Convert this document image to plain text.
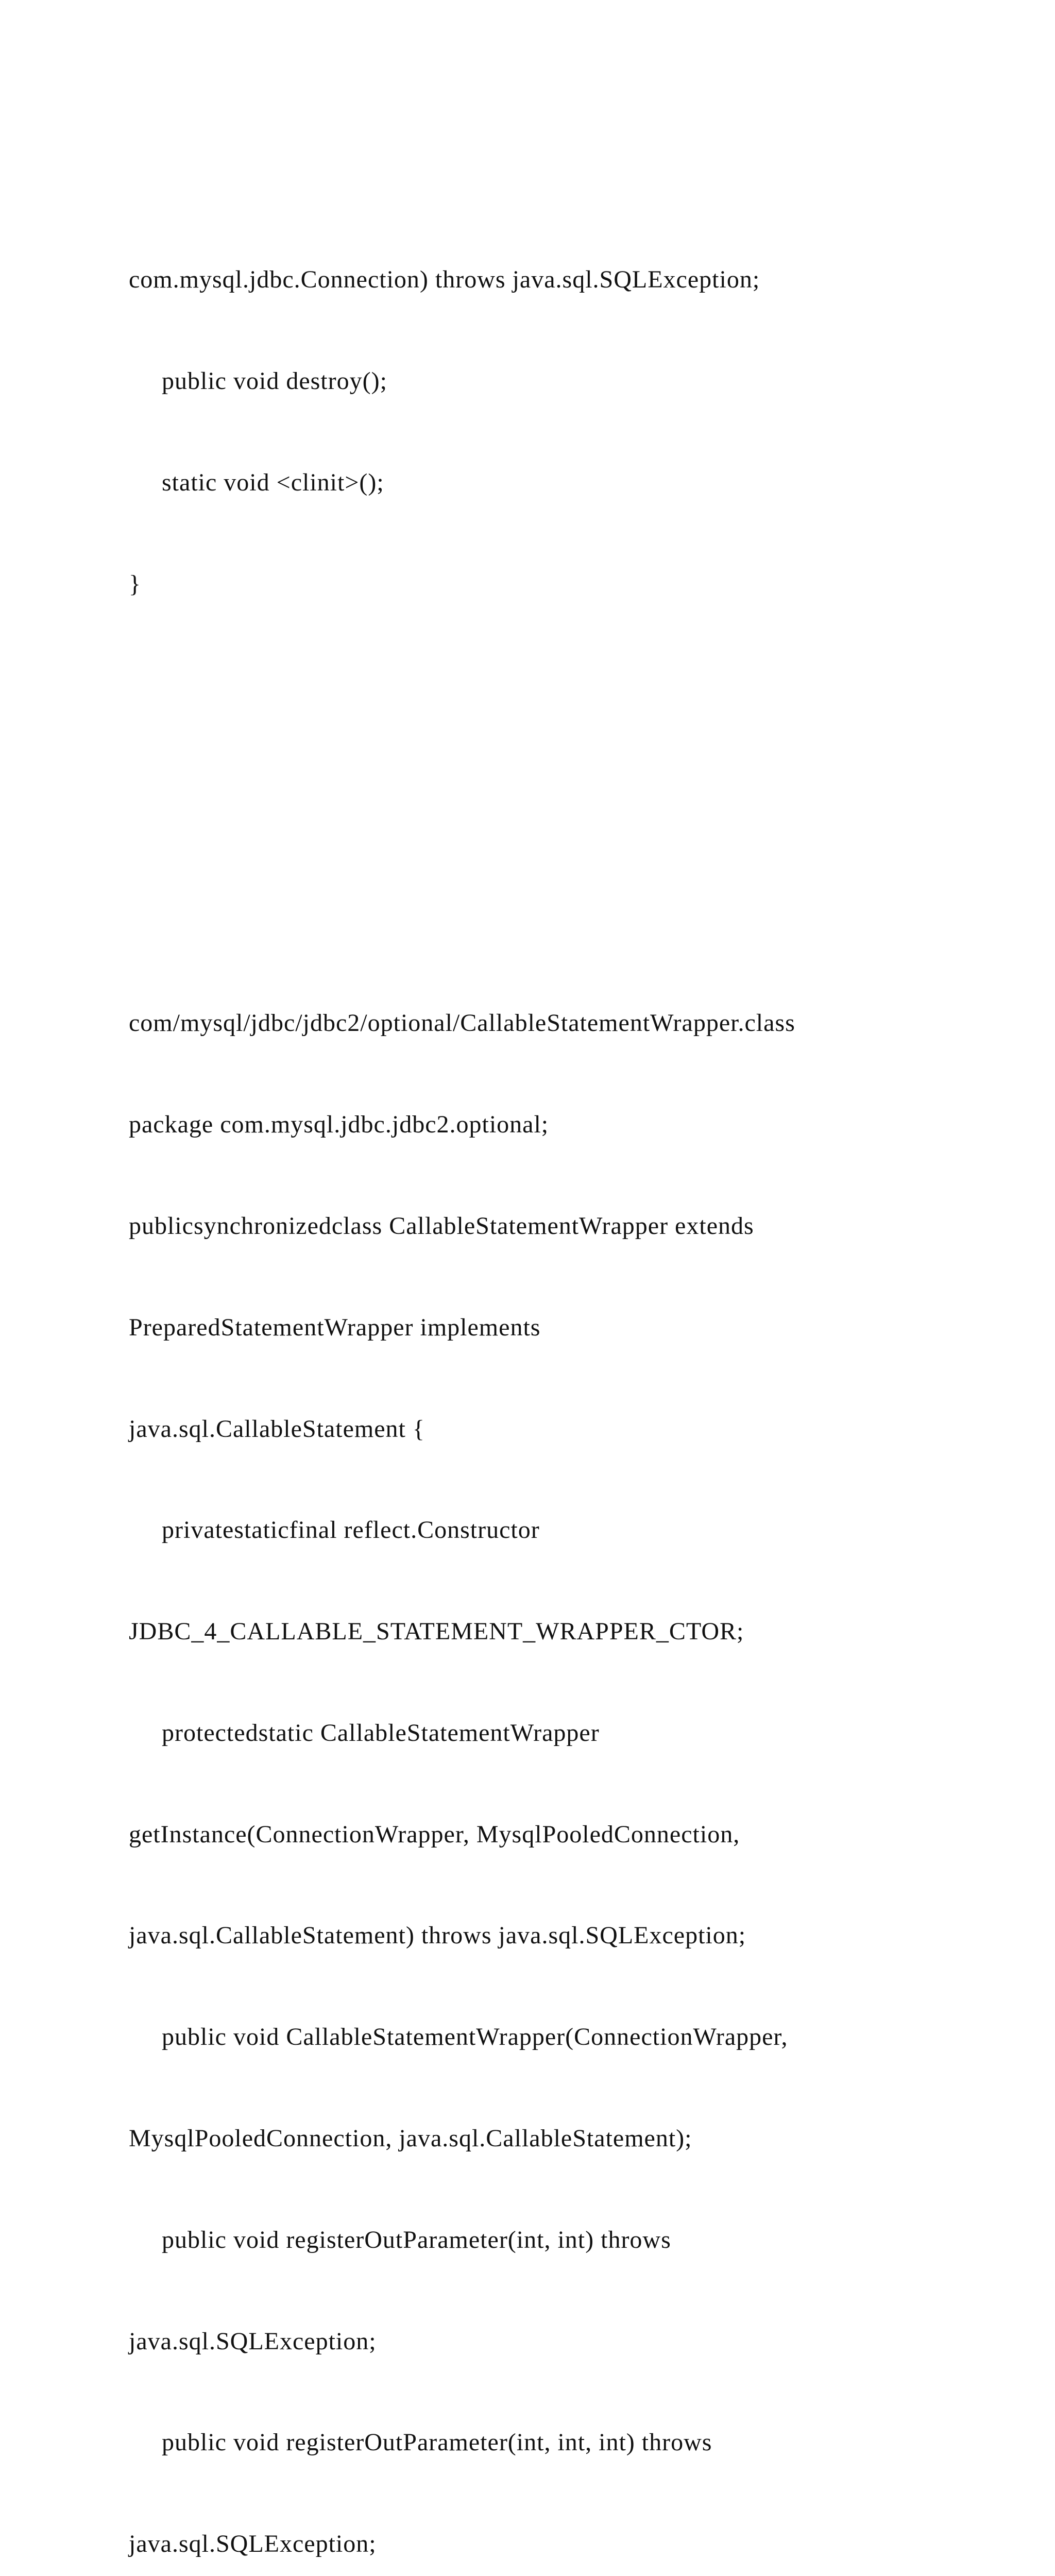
com.mysql.jdbc.Connection) throws java.sql.SQLException;

public void destroy();

static void <clinit>();

}

com/mysql/jdbc/jdbc2/optional/CallableStatementWrapper.class

package com.mysql.jdbc.jdbc2.optional;

publicsynchronizedclass CallableStatementWrapper extends

PreparedStatementWrapper implements

java.sql.CallableStatement {

privatestaticfinal reflect.Constructor

JDBC_4_CALLABLE_STATEMENT_WRAPPER_CTOR;

protectedstatic CallableStatementWrapper

getInstance(ConnectionWrapper, MysqlPooledConnection,

java.sql.CallableStatement) throws java.sql.SQLException;

public void CallableStatementWrapper(ConnectionWrapper,

MysqlPooledConnection, java.sql.CallableStatement);

public void registerOutParameter(int, int) throws

java.sql.SQLException;

public void registerOutParameter(int, int, int) throws

java.sql.SQLException;
